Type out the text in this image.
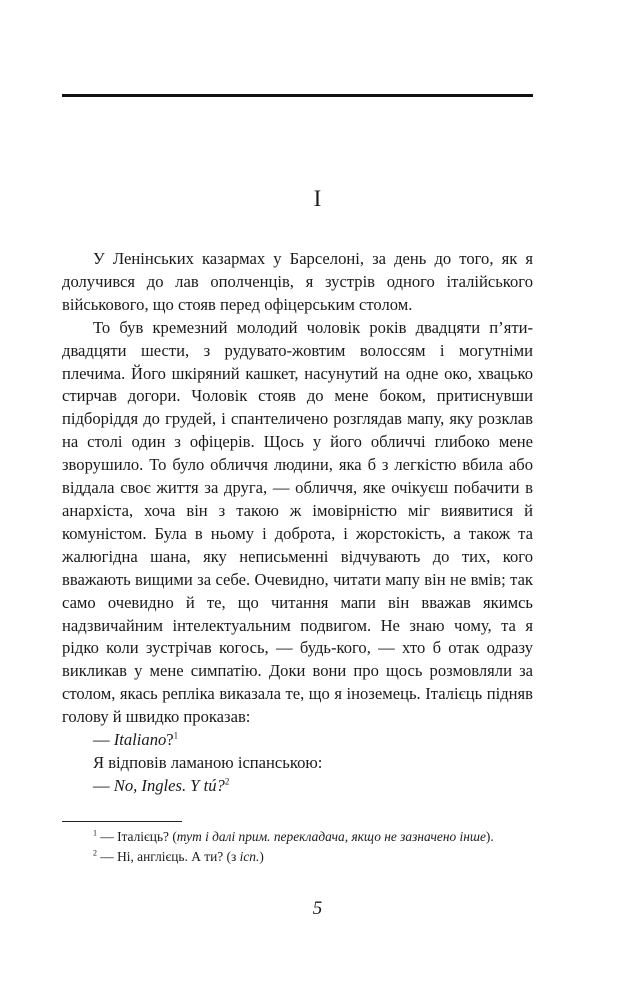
I

У Ленінських казармах у Барселоні, за день до того, як я долучився до лав ополченців, я зустрів одного італійського військового, що стояв перед офіцерським столом.

То був кремезний молодий чоловік років двадцяти п’яти-двадцяти шести, з рудувато-жовтим волоссям і могутніми плечима. Його шкіряний кашкет, насунутий на одне око, хвацько стирчав догори. Чоловік стояв до мене боком, притиснувши підборіддя до грудей, і спантеличено розглядав мапу, яку розклав на столі один з офіцерів. Щось у його обличчі глибоко мене зворушило. То було обличчя людини, яка б з легкістю вбила або віддала своє життя за друга, — обличчя, яке очікуєш побачити в анархіста, хоча він з такою ж імовірністю міг виявитися й комуністом. Була в ньому і доброта, і жорстокість, а також та жалюгідна шана, яку неписьменні відчувають до тих, кого вважають вищими за себе. Очевидно, читати мапу він не вмів; так само очевидно й те, що читання мапи він вважав якимсь надзвичайним інтелектуальним подвигом. Не знаю чому, та я рідко коли зустрічав когось, — будь-кого, — хто б отак одразу викликав у мене симпатію. Доки вони про щось розмовляли за столом, якась репліка виказала те, що я іноземець. Італієць підняв голову й швидко проказав:

— Italiano?$^1$

Я відповів ламаною іспанською:

— No, Ingles. Y tú?$^2$

$^1$ — Італієць? (тут і далі прим. перекладача, якщо не зазначено інше).

$^2$ — Ні, англієць. А ти? (з ісп.)

5
